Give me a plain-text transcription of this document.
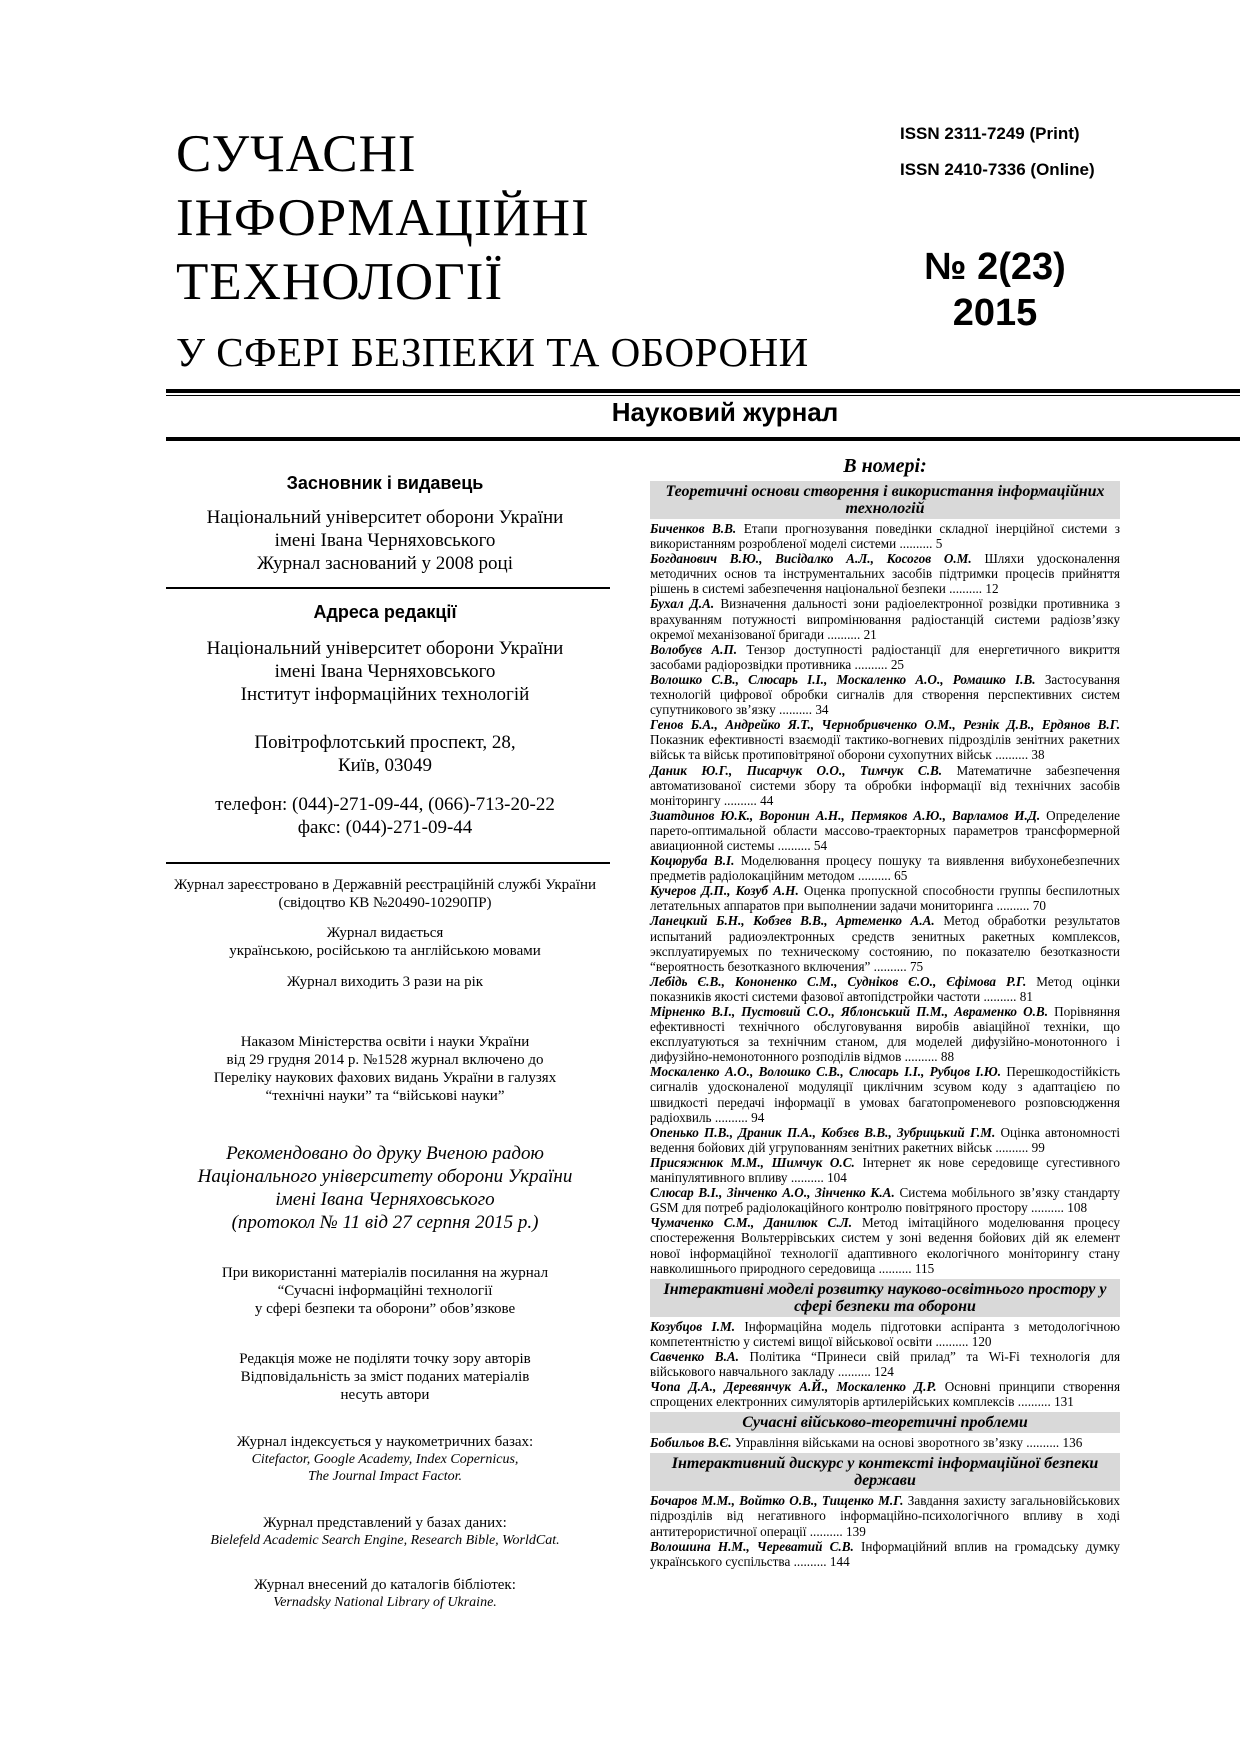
СУЧАСНІ
ІНФОРМАЦІЙНІ
ТЕХНОЛОГІЇ
У СФЕРІ БЕЗПЕКИ ТА ОБОРОНИ
ISSN 2311-7249 (Print)
ISSN 2410-7336 (Online)
№ 2(23)
2015
Науковий журнал
Засновник і видавець
Національний університет оборони України
імені Івана Черняховського
Журнал заснований у 2008 році
Адреса редакції
Національний університет оборони України
імені Івана Черняховського
Інститут інформаційних технологій
Повітрофлотський проспект, 28,
Київ, 03049
телефон: (044)-271-09-44, (066)-713-20-22
факс: (044)-271-09-44
Журнал зареєстровано в Державній реєстраційній службі України
(свідоцтво КВ №20490-10290ПР)
Журнал видається
українською, російською та англійською мовами
Журнал виходить 3 рази на рік
Наказом Міністерства освіти і науки України
від 29 грудня 2014 р. №1528 журнал включено до
Переліку наукових фахових видань України в галузях
“технічні науки” та “військові науки”
Рекомендовано до друку Вченою радою
Національного університету оборони України
імені Івана Черняховського
(протокол № 11 від 27 серпня 2015 р.)
При використанні матеріалів посилання на журнал
“Сучасні інформаційні технології
у сфері безпеки та оборони” обов’язкове
Редакція може не поділяти точку зору авторів
Відповідальність за зміст поданих матеріалів
несуть автори
Журнал індексується у наукометричних базах:
Citefactor, Google Academy, Index Copernicus,
The Journal Impact Factor.
Журнал представлений у базах даних:
Bielefeld Academic Search Engine, Research Bible, WorldCat.
Журнал внесений до каталогів бібліотек:
Vernadsky National Library of Ukraine.
В номері:
Теоретичні основи створення і використання інформаційних технологій

Биченков В.В. Етапи прогнозування поведінки складної інерційної системи з використанням розробленої моделі системи .......... 5

Богданович В.Ю., Висідалко А.Л., Косогов О.М. Шляхи удосконалення методичних основ та інструментальних засобів підтримки процесів прийняття рішень в системі забезпечення національної безпеки .......... 12

Бухал Д.А. Визначення дальності зони радіоелектронної розвідки противника з врахуванням потужності випромінювання радіостанцій системи радіозв’язку окремої механізованої бригади .......... 21

Волобуєв А.П. Тензор доступності радіостанції для енергетичного викриття засобами радіорозвідки противника .......... 25

Волошко С.В., Слюсарь І.І., Москаленко А.О., Ромашко І.В. Застосування технологій цифрової обробки сигналів для створення перспективних систем супутникового зв’язку .......... 34

Генов Б.А., Андрейко Я.Т., Чернобривченко О.М., Резнік Д.В., Ердянов В.Г. Показник ефективності взаємодії тактико-вогневих підрозділів зенітних ракетних військ та військ протиповітряної оборони сухопутних військ .......... 38

Даник Ю.Г., Писарчук О.О., Тимчук С.В. Математичне забезпечення автоматизованої системи збору та обробки інформації від технічних засобів моніторингу .......... 44

Зиатдинов Ю.К., Воронин А.Н., Пермяков А.Ю., Варламов И.Д. Определение парето-оптимальной области массово-траекторных параметров трансформерной авиационной системы .......... 54

Коцюруба В.І. Моделювання процесу пошуку та виявлення вибухонебезпечних предметів радіолокаційним методом .......... 65

Кучеров Д.П., Козуб А.Н. Оценка пропускной способности группы беспилотных летательных аппаратов при выполнении задачи мониторинга .......... 70

Ланецкий Б.Н., Кобзев В.В., Артеменко А.А. Метод обработки результатов испытаний радиоэлектронных средств зенитных ракетных комплексов, эксплуатируемых по техническому состоянию, по показателю безотказности “вероятность безотказного включения” .......... 75

Лебідь Є.В., Кононенко С.М., Судніков Є.О., Єфімова Р.Г. Метод оцінки показників якості системи фазової автопідстройки частоти .......... 81

Мірненко В.І., Пустовий С.О., Яблонський П.М., Авраменко О.В. Порівняння ефективності технічного обслуговування виробів авіаційної техніки, що експлуатуються за технічним станом, для моделей дифузійно-монотонного і дифузійно-немонотонного розподілів відмов .......... 88

Москаленко А.О., Волошко С.В., Слюсарь І.І., Рубцов І.Ю. Перешкодостійкість сигналів удосконаленої модуляції циклічним зсувом коду з адаптацією по швидкості передачі інформації в умовах багатопроменевого розповсюдження радіохвиль .......... 94

Опенько П.В., Драник П.А., Кобзєв В.В., Зубрицький Г.М. Оцінка автономності ведення бойових дій угрупованням зенітних ракетних військ .......... 99

Присяжнюк М.М., Шимчук О.С. Інтернет як нове середовище сугестивного маніпулятивного впливу .......... 104

Слюсар В.І., Зінченко А.О., Зінченко К.А. Система мобільного зв’язку стандарту GSM для потреб радіолокаційного контролю повітряного простору .......... 108

Чумаченко С.М., Данилюк С.Л. Метод імітаційного моделювання процесу спостереження Вольтеррівських систем у зоні ведення бойових дій як елемент нової інформаційної технології адаптивного екологічного моніторингу стану навколишнього природного середовища .......... 115

Інтерактивні моделі розвитку науково-освітнього простору у сфері безпеки та оборони

Козубцов І.М. Інформаційна модель підготовки аспіранта з методологічною компетентністю у системі вищої військової освіти .......... 120

Савченко В.А. Політика “Принеси свій прилад” та Wi-Fi технологія для військового навчального закладу .......... 124

Чопа Д.А., Деревянчук А.Й., Москаленко Д.Р. Основні принципи створення спрощених електронних симуляторів артилерійських комплексів .......... 131

Сучасні військово-теоретичні проблеми

Бобильов В.Є. Управління військами на основі зворотного зв’язку .......... 136

Інтерактивний дискурс у контексті інформаційної безпеки держави

Бочаров М.М., Войтко О.В., Тищенко М.Г. Завдання захисту загальновійськових підрозділів від негативного інформаційно-психологічного впливу в ході антитерористичної операції .......... 139

Волошина Н.М., Череватий С.В. Інформаційний вплив на громадську думку українського суспільства .......... 144
